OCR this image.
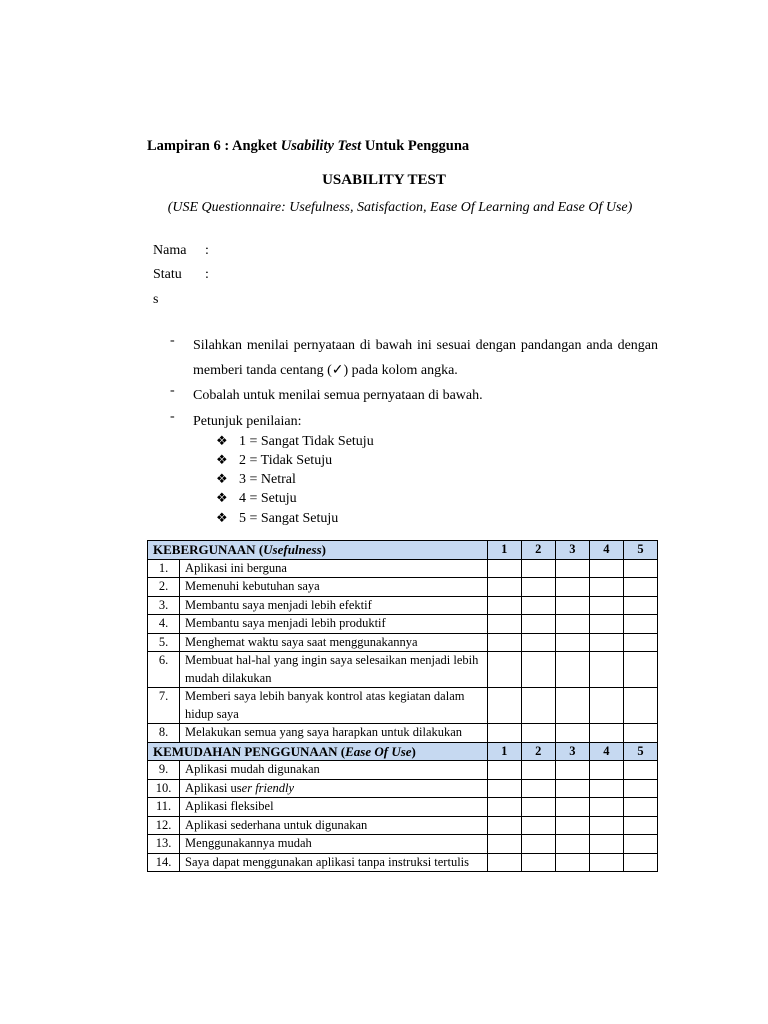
Lampiran 6 : Angket Usability Test Untuk Pengguna
USABILITY TEST
(USE Questionnaire: Usefulness, Satisfaction, Ease Of Learning and Ease Of Use)
Nama :
Statu :
s
- Silahkan menilai pernyataan di bawah ini sesuai dengan pandangan anda dengan memberi tanda centang (✓) pada kolom angka.
- Cobalah untuk menilai semua pernyataan di bawah.
- Petunjuk penilaian:
❖ 1 = Sangat Tidak Setuju
❖ 2 = Tidak Setuju
❖ 3 = Netral
❖ 4 = Setuju
❖ 5 = Sangat Setuju
KEBERGUNAAN (Usefulness)		1	2	3	4	5
1.	Aplikasi ini berguna					
2.	Memenuhi kebutuhan saya					
3.	Membantu saya menjadi lebih efektif					
4.	Membantu saya menjadi lebih produktif					
5.	Menghemat waktu saya saat menggunakannya					
6.	Membuat hal-hal yang ingin saya selesaikan menjadi lebih mudah dilakukan					
7.	Memberi saya lebih banyak kontrol atas kegiatan dalam hidup saya					
8.	Melakukan semua yang saya harapkan untuk dilakukan					
KEMUDAHAN PENGGUNAAN (Ease Of Use)		1	2	3	4	5
9.	Aplikasi mudah digunakan					
10.	Aplikasi user friendly					
11.	Aplikasi fleksibel					
12.	Aplikasi sederhana untuk digunakan					
13.	Menggunakannya mudah					
14.	Saya dapat menggunakan aplikasi tanpa instruksi tertulis					
